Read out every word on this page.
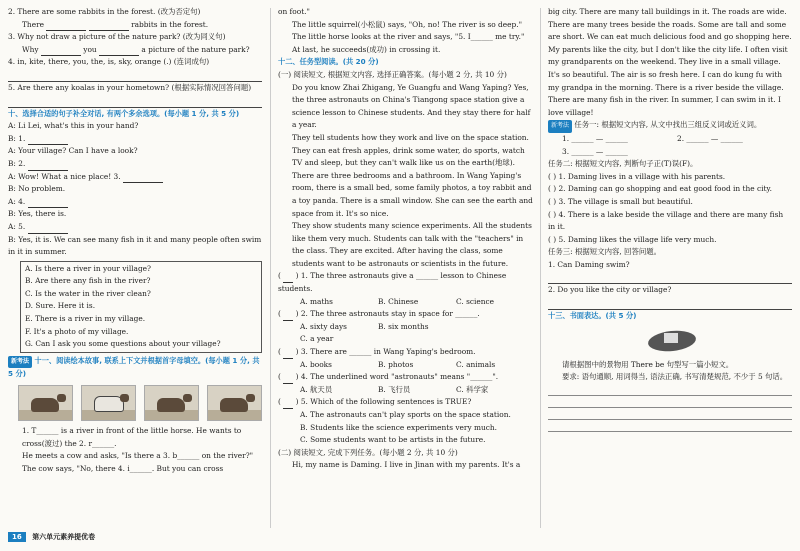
2. There are some rabbits in the forest. (改为否定句)
There	rabbits in the forest.
3. Why not draw a picture of the nature park? (改为同义句)
Why	you	a picture of the nature park?
4. in, kite, there, you, the, is, sky, orange (.) (连词成句)
5. Are there any koalas in your hometown? (根据实际情况回答问题)
十、选择合适的句子补全对话, 有两个多余选项。(每小题 1 分, 共 5 分)
A: Li Lei, what's this in your hand?
B: 1.
A: Your village? Can I have a look?
B: 2.
A: Wow! What a nice place! 3.
B: No problem.
A: 4.
B: Yes, there is.
A: 5.
B: Yes, it is. We can see many fish in it and many people often swim in it in summer.
A. Is there a river in your village?
B. Are there any fish in the river?
C. Is the water in the river clean?
D. Sure. Here it is.
E. There is a river in my village.
F. It's a photo of my village.
G. Can I ask you some questions about your village?
新考法 十一、阅读绘本故事, 联系上下文并根据首字母填空。(每小题 1 分, 共 5 分)
1. T______ is a river in front of the little horse. He wants to cross(渡过) the 2. r______.
He meets a cow and asks, "Is there a 3. b______ on the river?" The cow says, "No, there 4. i______. But you can cross
on foot."
The little squirrel(小松鼠) says, "Oh, no! The river is so deep." The little horse looks at the river and says, "5. I______ me try." At last, he succeeds(成功) in crossing it.
十二、任务型阅读。(共 20 分)
(一) 阅读短文, 根据短文内容, 选择正确答案。(每小题 2 分, 共 10 分)
Do you know Zhai Zhigang, Ye Guangfu and Wang Yaping? Yes, the three astronauts on China's Tiangong space station give a science lesson to Chinese students. And they stay there for half a year.
They tell students how they work and live on the space station. They can eat fresh apples, drink some water, do sports, watch TV and sleep, but they can't walk like us on the earth(地球). There are three bedrooms and a bathroom. In Wang Yaping's room, there is a small bed, some family photos, a toy rabbit and a toy panda. There is a small window. She can see the earth and space from it. It's so nice.
They show students many science experiments. All the students like them very much. Students can talk with the "teachers" in the class. They are excited. After having the class, some students want to be astronauts or scientists in the future.
(  ) 1. The three astronauts give a ______ lesson to Chinese students.
A. maths	B. Chinese	C. science
(  ) 2. The three astronauts stay in space for ______.
A. sixty days	B. six months
C. a year
(  ) 3. There are ______ in Wang Yaping's bedroom.
A. books	B. photos	C. animals
(  ) 4. The underlined word "astronauts" means "______".
A. 航天员	B. 飞行员	C. 科学家
(  ) 5. Which of the following sentences is TRUE?
A. The astronauts can't play sports on the space station.
B. Students like the science experiments very much.
C. Some students want to be artists in the future.
(二) 阅读短文, 完成下列任务。(每小题 2 分, 共 10 分)
Hi, my name is Daming. I live in Jinan with my parents. It's a
big city. There are many tall buildings in it. The roads are wide. There are many trees beside the roads. Some are tall and some are short. We can eat much delicious food and go shopping here. My parents like the city, but I don't like the city life. I often visit my grandparents on the weekend. They live in a small village. It's so beautiful. The air is so fresh here. I can do kung fu with my grandpa in the morning. There is a river beside the village. There are many fish in the river. In summer, I can swim in it. I love village!
新考法 任务一: 根据短文内容, 从文中找出三组反义词或近义词。
1. ______ — ______	2. ______ — ______
3. ______ — ______
任务二: 根据短文内容, 判断句子正(T)误(F)。
( ) 1. Daming lives in a village with his parents.
( ) 2. Daming can go shopping and eat good food in the city.
( ) 3. The village is small but beautiful.
( ) 4. There is a lake beside the village and there are many fish in it.
( ) 5. Daming likes the village life very much.
任务三: 根据短文内容, 回答问题。
1. Can Daming swim?
2. Do you like the city or village?
十三、书面表达。(共 5 分)
请根据图中的景物用 There be 句型写一篇小短文。
要求: 语句通顺, 用词得当, 语法正确, 书写清楚规范, 不少于 5 句话。
16 第六单元素养提优卷
